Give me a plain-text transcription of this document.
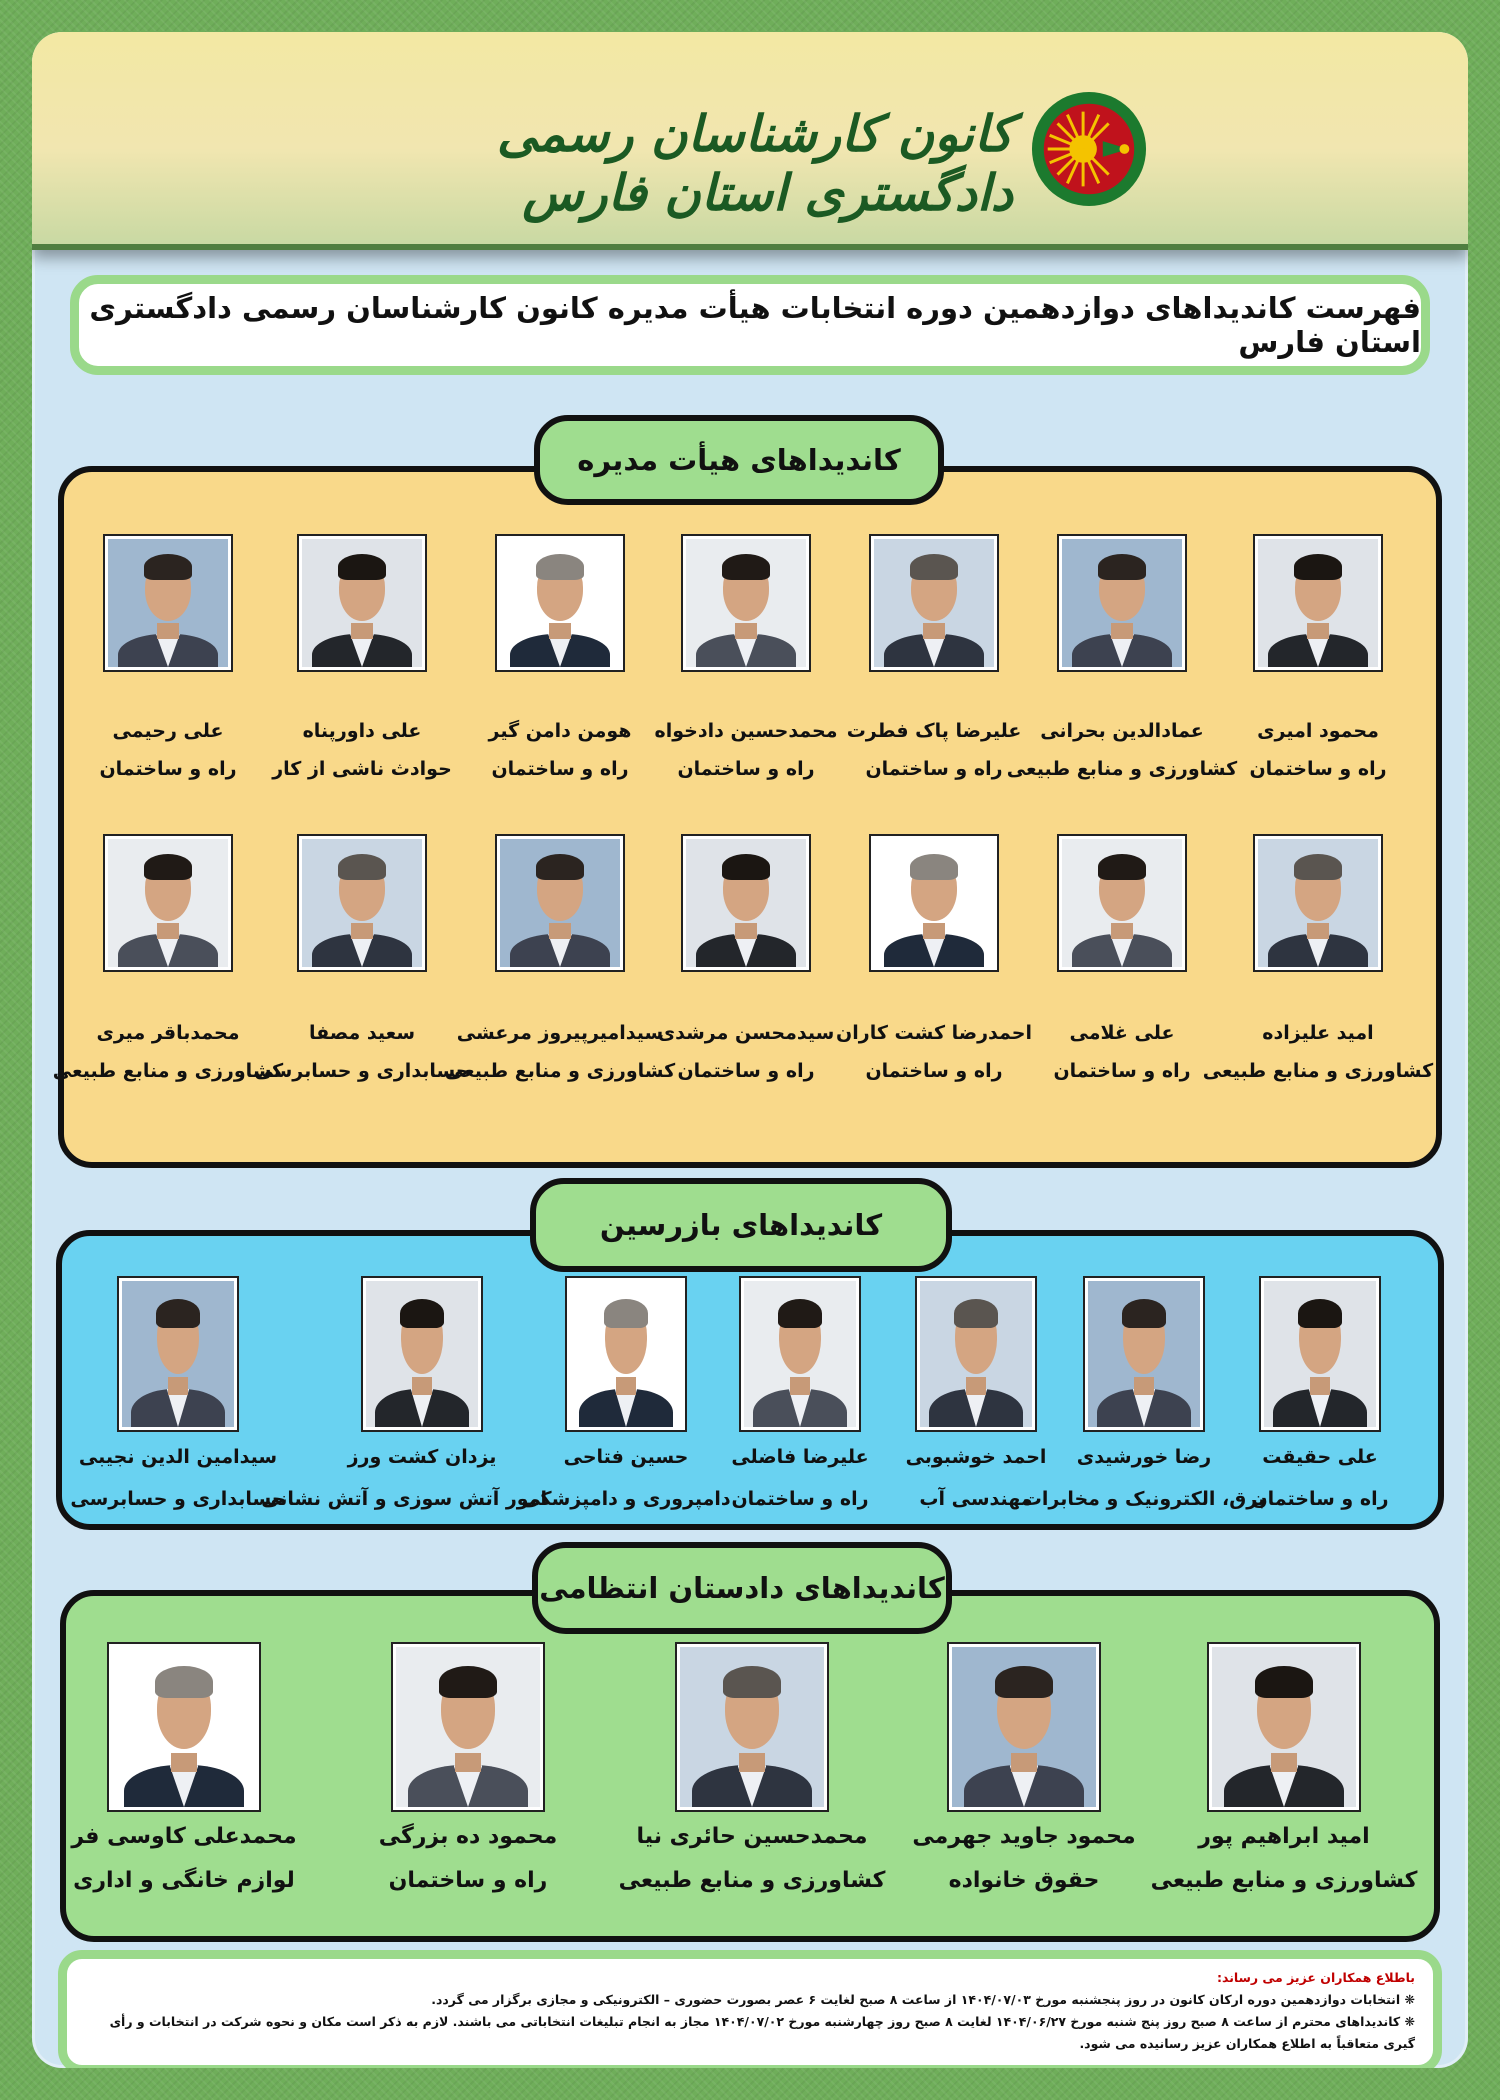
کانون کارشناسان رسمی دادگستری استان فارس
فهرست کاندیداهای دوازدهمین دوره انتخابات هیأت مدیره کانون کارشناسان رسمی دادگستری استان فارس
کاندیداهای هیأت مدیره
کاندیداهای بازرسین
کاندیداهای دادستان انتظامی
محمود امیری
راه و ساختمان
عمادالدین بحرانی
کشاورزی و منابع طبیعی
علیرضا پاک فطرت
راه و ساختمان
محمدحسین دادخواه
راه و ساختمان
هومن دامن گیر
راه و ساختمان
علی داورپناه
حوادث ناشی از کار
علی رحیمی
راه و ساختمان
امید علیزاده
کشاورزی و منابع طبیعی
علی غلامی
راه و ساختمان
احمدرضا کشت کاران
راه و ساختمان
سیدمحسن مرشدی
راه و ساختمان
سیدامیرپیروز مرعشی
کشاورزی و منابع طبیعی
سعید مصفا
حسابداری و حسابرسی
محمدباقر میری
کشاورزی و منابع طبیعی
علی حقیقت
راه و ساختمان
رضا خورشیدی
برق، الکترونیک و مخابرات
احمد خوشبوبی
مهندسی آب
علیرضا فاضلی
راه و ساختمان
حسین فتاحی
دامپروری و دامپزشکی
یزدان کشت ورز
امور آتش سوزی و آتش نشانی
سیدامین الدین نجیبی
حسابداری و حسابرسی
امید ابراهیم پور
کشاورزی و منابع طبیعی
محمود جاوید جهرمی
حقوق خانواده
محمدحسین حائری نیا
کشاورزی و منابع طبیعی
محمود ده بزرگی
راه و ساختمان
محمدعلی کاوسی فر
لوازم خانگی و اداری
باطلاع همکاران عزیز می رساند:
❋ انتخابات دوازدهمین دوره ارکان کانون در روز پنجشنبه مورخ ۱۴۰۴/۰۷/۰۳ از ساعت ۸ صبح لغایت ۶ عصر بصورت حضوری – الکترونیکی و مجازی برگزار می گردد.
❋ کاندیداهای محترم از ساعت ۸ صبح روز پنج شنبه مورخ ۱۴۰۴/۰۶/۲۷ لغایت ۸ صبح روز چهارشنبه مورخ ۱۴۰۴/۰۷/۰۲ مجاز به انجام تبلیغات انتخاباتی می باشند. لازم به ذکر است مکان و نحوه شرکت در انتخابات و رأی گیری متعاقباً به اطلاع همکاران عزیز رسانیده می شود.
